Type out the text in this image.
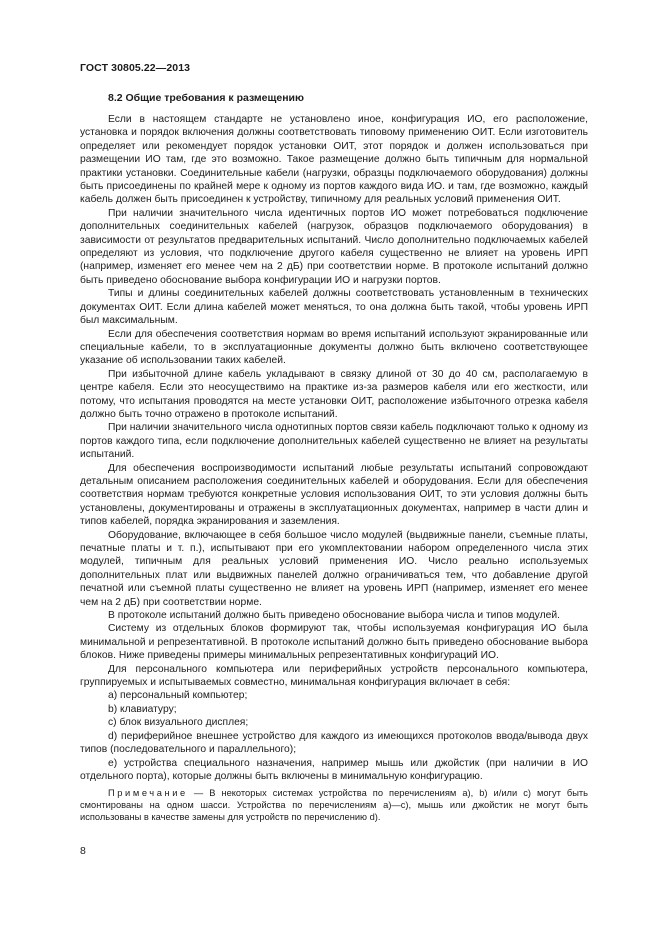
ГОСТ 30805.22—2013
8.2 Общие требования к размещению

Если в настоящем стандарте не установлено иное, конфигурация ИО, его расположение, установка и порядок включения должны соответствовать типовому применению ОИТ. Если изготовитель определяет или рекомендует порядок установки ОИТ, этот порядок и должен использоваться при размещении ИО там, где это возможно. Такое размещение должно быть типичным для нормальной практики установки. Соединительные кабели (нагрузки, образцы подключаемого оборудования) должны быть присоединены по крайней мере к одному из портов каждого вида ИО. и там, где возможно, каждый кабель должен быть присоединен к устройству, типичному для реальных условий применения ОИТ.

При наличии значительного числа идентичных портов ИО может потребоваться подключение дополнительных соединительных кабелей (нагрузок, образцов подключаемого оборудования) в зависимости от результатов предварительных испытаний. Число дополнительно подключаемых кабелей определяют из условия, что подключение другого кабеля существенно не влияет на уровень ИРП (например, изменяет его менее чем на 2 дБ) при соответствии норме. В протоколе испытаний должно быть приведено обоснование выбора конфигурации ИО и нагрузки портов.

Типы и длины соединительных кабелей должны соответствовать установленным в технических документах ОИТ. Если длина кабелей может меняться, то она должна быть такой, чтобы уровень ИРП был максимальным.

Если для обеспечения соответствия нормам во время испытаний используют экранированные или специальные кабели, то в эксплуатационные документы должно быть включено соответствующее указание об использовании таких кабелей.

При избыточной длине кабель укладывают в связку длиной от 30 до 40 см, располагаемую в центре кабеля. Если это неосуществимо на практике из-за размеров кабеля или его жесткости, или потому, что испытания проводятся на месте установки ОИТ, расположение избыточного отрезка кабеля должно быть точно отражено в протоколе испытаний.

При наличии значительного числа однотипных портов связи кабель подключают только к одному из портов каждого типа, если подключение дополнительных кабелей существенно не влияет на результаты испытаний.

Для обеспечения воспроизводимости испытаний любые результаты испытаний сопровождают детальным описанием расположения соединительных кабелей и оборудования. Если для обеспечения соответствия нормам требуются конкретные условия использования ОИТ, то эти условия должны быть установлены, документированы и отражены в эксплуатационных документах, например в части длин и типов кабелей, порядка экранирования и заземления.

Оборудование, включающее в себя большое число модулей (выдвижные панели, съемные платы, печатные платы и т. п.), испытывают при его укомплектовании набором определенного числа этих модулей, типичным для реальных условий применения ИО. Число реально используемых дополнительных плат или выдвижных панелей должно ограничиваться тем, что добавление другой печатной или съемной платы существенно не влияет на уровень ИРП (например, изменяет его менее чем на 2 дБ) при соответствии норме.

В протоколе испытаний должно быть приведено обоснование выбора числа и типов модулей.

Систему из отдельных блоков формируют так, чтобы используемая конфигурация ИО была минимальной и репрезентативной. В протоколе испытаний должно быть приведено обоснование выбора блоков. Ниже приведены примеры минимальных репрезентативных конфигураций ИО.

Для персонального компьютера или периферийных устройств персонального компьютера, группируемых и испытываемых совместно, минимальная конфигурация включает в себя:

а) персональный компьютер;

b) клавиатуру;

с) блок визуального дисплея;

d) периферийное внешнее устройство для каждого из имеющихся протоколов ввода/вывода двух типов (последовательного и параллельного);

е) устройства специального назначения, например мышь или джойстик (при наличии в ИО отдельного порта), которые должны быть включены в минимальную конфигурацию.

Примечание — В некоторых системах устройства по перечислениям а), b) и/или с) могут быть смонтированы на одном шасси. Устройства по перечислениям а)—с), мышь или джойстик не могут быть использованы в качестве замены для устройств по перечислению d).

8
